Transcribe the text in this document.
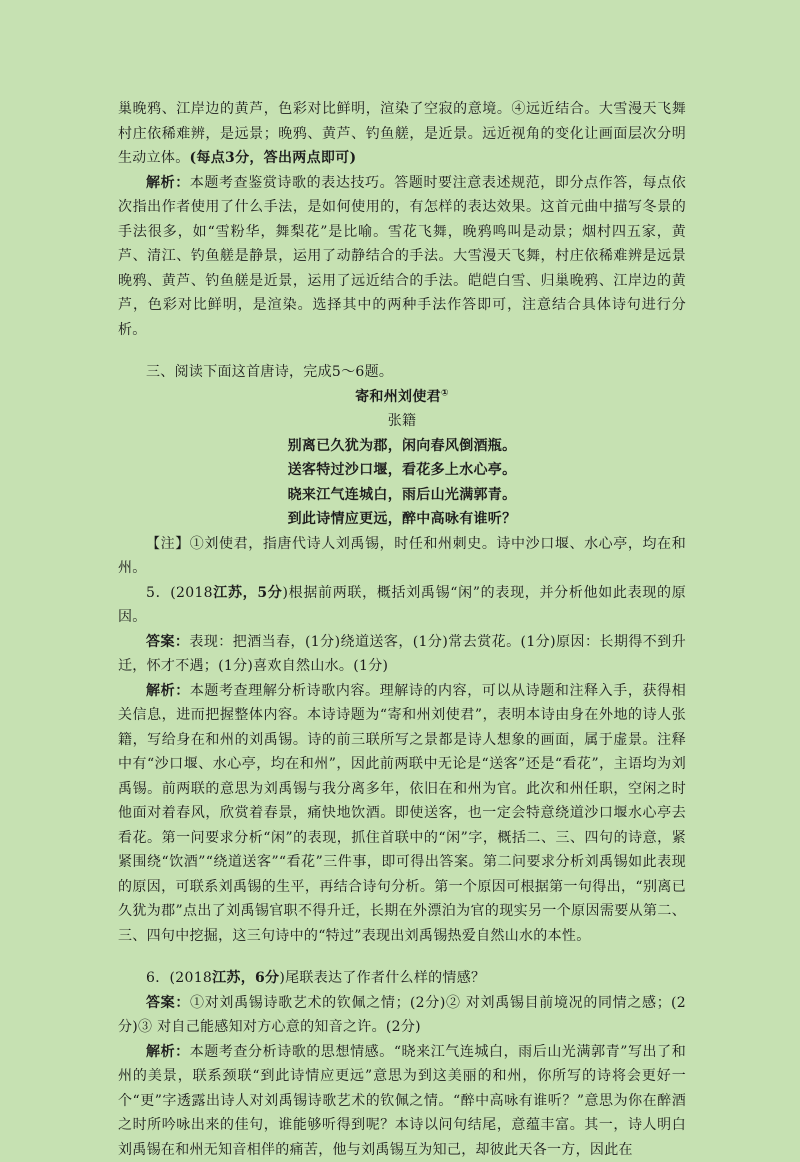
巢晚鸦、江岸边的黄芦，色彩对比鲜明，渲染了空寂的意境。④远近结合。大雪漫天飞舞村庄依稀难辨，是远景；晚鸦、黄芦、钓鱼艖，是近景。远近视角的变化让画面层次分明生动立体。(每点3分，答出两点即可)

解析：本题考查鉴赏诗歌的表达技巧。答题时要注意表述规范，即分点作答，每点依次指出作者使用了什么手法，是如何使用的，有怎样的表达效果。这首元曲中描写冬景的手法很多，如“雪粉华，舞梨花”是比喻。雪花飞舞，晚鸦鸣叫是动景；烟村四五家，黄芦、清江、钓鱼艖是静景，运用了动静结合的手法。大雪漫天飞舞，村庄依稀难辨是远景晚鸦、黄芦、钓鱼艖是近景，运用了远近结合的手法。皑皑白雪、归巢晚鸦、江岸边的黄芦，色彩对比鲜明，是渲染。选择其中的两种手法作答即可，注意结合具体诗句进行分析。

三、阅读下面这首唐诗，完成5～6题。

寄和州刘使君①
张籍
别离已久犹为郡，闲向春风倒酒瓶。
送客特过沙口堰，看花多上水心亭。
晓来江气连城白，雨后山光满郭青。
到此诗情应更远，醉中高咏有谁听？

【注】①刘使君，指唐代诗人刘禹锡，时任和州刺史。诗中沙口堰、水心亭，均在和州。

5．(2018江苏，5分)根据前两联，概括刘禹锡“闲”的表现，并分析他如此表现的原因。

答案：表现：把酒当春，(1分)绕道送客，(1分)常去赏花。(1分)原因：长期得不到升迁，怀才不遇；(1分)喜欢自然山水。(1分)

解析：本题考查理解分析诗歌内容。理解诗的内容，可以从诗题和注释入手，获得相关信息，进而把握整体内容。本诗诗题为“寄和州刘使君”，表明本诗由身在外地的诗人张籍，写给身在和州的刘禹锡。诗的前三联所写之景都是诗人想象的画面，属于虚景。注释中有“沙口堰、水心亭，均在和州”，因此前两联中无论是“送客”还是“看花”，主语均为刘禹锡。前两联的意思为刘禹锡与我分离多年，依旧在和州为官。此次和州任职，空闲之时他面对着春风，欣赏着春景，痛快地饮酒。即使送客，也一定会特意绕道沙口堰水心亭去看花。第一问要求分析“闲”的表现，抓住首联中的“闲”字，概括二、三、四句的诗意，紧紧围绕“饮酒”“绕道送客”“看花”三件事，即可得出答案。第二问要求分析刘禹锡如此表现的原因，可联系刘禹锡的生平，再结合诗句分析。第一个原因可根据第一句得出，“别离已久犹为郡”点出了刘禹锡官职不得升迁，长期在外漂泊为官的现实另一个原因需要从第二、三、四句中挖掘，这三句诗中的“特过”表现出刘禹锡热爱自然山水的本性。

6．(2018江苏，6分)尾联表达了作者什么样的情感？

答案：①对刘禹锡诗歌艺术的钦佩之情；(2分)② 对刘禹锡目前境况的同情之感；(2分)③ 对自己能感知对方心意的知音之许。(2分)

解析：本题考查分析诗歌的思想情感。“晓来江气连城白，雨后山光满郭青”写出了和州的美景，联系颈联“到此诗情应更远”意思为到这美丽的和州，你所写的诗将会更好一个“更”字透露出诗人对刘禹锡诗歌艺术的钦佩之情。“醉中高咏有谁听？”意思为你在醉酒之时所吟咏出来的佳句，谁能够听得到呢？本诗以问句结尾，意蕴丰富。其一，诗人明白刘禹锡在和州无知音相伴的痛苦，他与刘禹锡互为知己，却彼此天各一方，因此在
